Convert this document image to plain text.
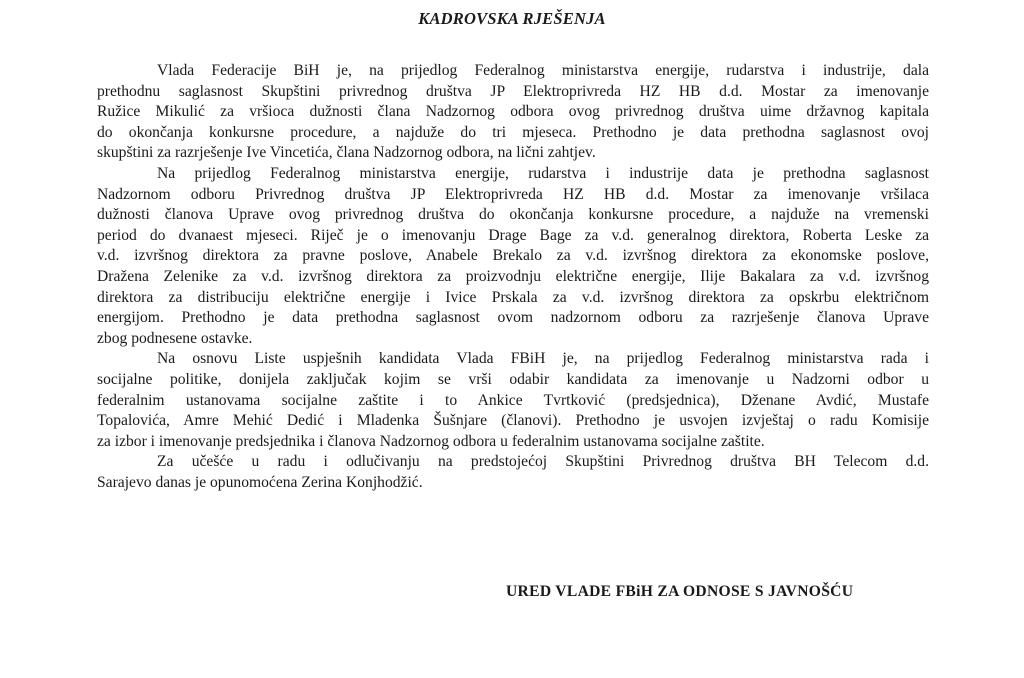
KADROVSKA RJEŠENJA

Vlada Federacije BiH je, na prijedlog Federalnog ministarstva energije, rudarstva i industrije, dala
prethodnu saglasnost Skupštini privrednog društva JP Elektroprivreda HZ HB d.d. Mostar za imenovanje
Ružice Mikulić za vršioca dužnosti člana Nadzornog odbora ovog privrednog društva uime državnog kapitala
do okončanja konkursne procedure, a najduže do tri mjeseca. Prethodno je data prethodna saglasnost ovoj
skupštini za razrješenje Ive Vincetića, člana Nadzornog odbora, na lični zahtjev.

Na prijedlog Federalnog ministarstva energije, rudarstva i industrije data je prethodna saglasnost
Nadzornom odboru Privrednog društva JP Elektroprivreda HZ HB d.d. Mostar za imenovanje vršilaca
dužnosti članova Uprave ovog privrednog društva do okončanja konkursne procedure, a najduže na vremenski
period do dvanaest mjeseci. Riječ je o imenovanju Drage Bage za v.d. generalnog direktora, Roberta Leske za
v.d. izvršnog direktora za pravne poslove, Anabele Brekalo za v.d. izvršnog direktora za ekonomske poslove,
Dražena Zelenike za v.d. izvršnog direktora za proizvodnju električne energije, Ilije Bakalara za v.d. izvršnog
direktora za distribuciju električne energije i Ivice Prskala za v.d. izvršnog direktora za opskrbu električnom
energijom. Prethodno je data prethodna saglasnost ovom nadzornom odboru za razrješenje članova Uprave
zbog podnesene ostavke.

Na osnovu Liste uspješnih kandidata Vlada FBiH je, na prijedlog Federalnog ministarstva rada i
socijalne politike, donijela zaključak kojim se vrši odabir kandidata za imenovanje u Nadzorni odbor u
federalnim ustanovama socijalne zaštite i to Ankice Tvrtković (predsjednica), Dženane Avdić, Mustafe
Topalovića, Amre Mehić Dedić i Mladenka Šušnjare (članovi). Prethodno je usvojen izvještaj o radu Komisije
za izbor i imenovanje predsjednika i članova Nadzornog odbora u federalnim ustanovama socijalne zaštite.

Za učešće u radu i odlučivanju na predstojećoj Skupštini Privrednog društva BH Telecom d.d.
Sarajevo danas je opunomoćena Zerina Konjhodžić.

URED VLADE FBiH ZA ODNOSE S JAVNOŠĆU
